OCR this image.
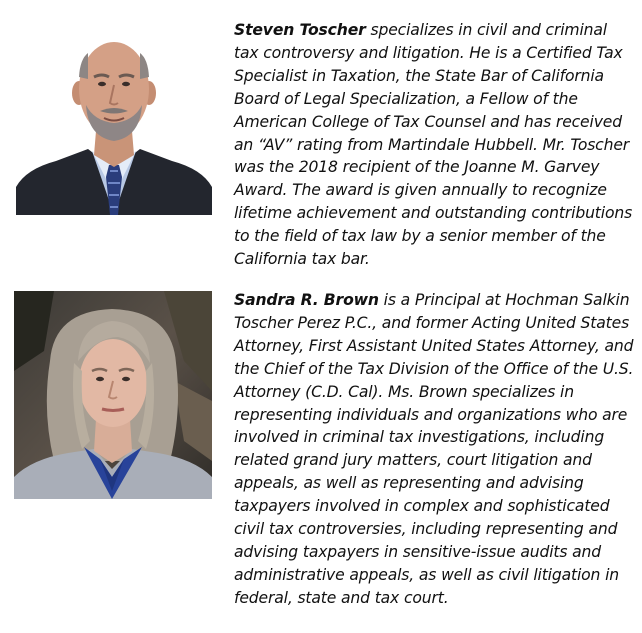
Steven Toscher specializes in civil and criminal tax controversy and litigation. He is a Certified Tax Specialist in Taxation, the State Bar of California Board of Legal Specialization, a Fellow of the American College of Tax Counsel and has received an “AV” rating from Martindale Hubbell. Mr. Toscher was the 2018 recipient of the Joanne M. Garvey Award. The award is given annually to recognize lifetime achievement and outstanding contributions to the field of tax law by a senior member of the California tax bar.

Sandra R. Brown is a Principal at Hochman Salkin Toscher Perez P.C., and former Acting United States Attorney, First Assistant United States Attorney, and the Chief of the Tax Division of the Office of the U.S. Attorney (C.D. Cal). Ms. Brown specializes in representing individuals and organizations who are involved in criminal tax investigations, including related grand jury matters, court litigation and appeals, as well as representing and advising taxpayers involved in complex and sophisticated civil tax controversies, including representing and advising taxpayers in sensitive-issue audits and administrative appeals, as well as civil litigation in federal, state and tax court.
